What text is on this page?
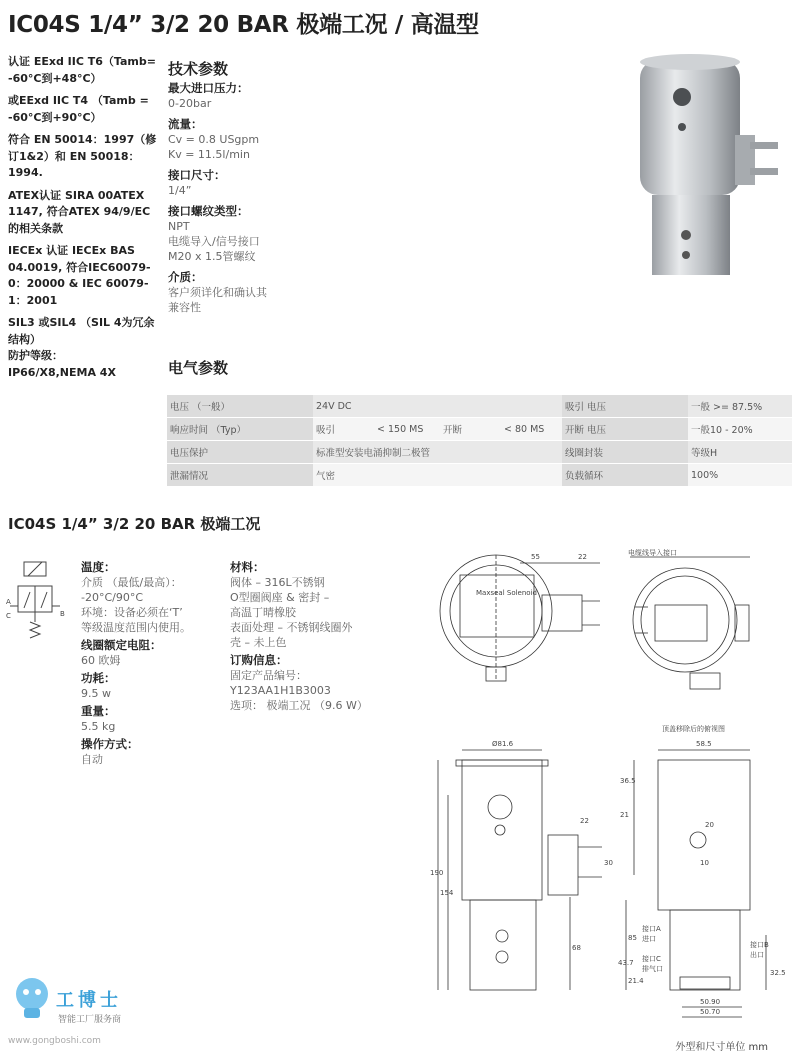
IC04S 1/4” 3/2 20 BAR 极端工况 / 高温型

认证 EExd IIC T6（Tamb= -60°C到+48°C）

或EExd IIC T4 （Tamb = -60°C到+90°C）

符合 EN 50014：1997（修订1&2）和 EN 50018：1994.

ATEX认证 SIRA 00ATEX 1147, 符合ATEX 94/9/EC的相关条款

IECEx 认证 IECEx BAS 04.0019, 符合IEC60079-0：20000 & IEC 60079-1：2001

SIL3 或SIL4 （SIL 4为冗余结构）

防护等级：

IP66/X8,NEMA 4X

技术参数
最大进口压力：
0-20bar
流量：
Cv = 0.8 USgpm
Kv = 11.5l/min
接口尺寸：
1/4”
接口螺纹类型：
NPT
电缆导入/信号接口
M20 x 1.5管螺纹
介质：
客户须详化和确认其
兼容性
电气参数
电压 （一般）	24V DC				吸引 电压	一般 >= 87.5%
响应时间 （Typ）	吸引	< 150 MS	开断	< 80 MS	开断 电压	一般10 - 20%
电压保护	标准型安装电涌抑制二极管				线圈封装	等级H
泄漏情况	气密				负载循环	100%
IC04S 1/4” 3/2 20 BAR 极端工况
A
B
C
温度：
介质 （最低/最高）：
-20°C/90°C
环境：设备必须在‘T’
等级温度范围内使用。
线圈额定电阻：
60 欧姆
功耗：
9.5 w
重量：
5.5 kg
操作方式：
自动
材料：
阀体 – 316L不锈钢
O型圈阀座 & 密封 –
高温丁晴橡胶
表面处理 – 不锈钢线圈外
壳 – 未上色
订购信息：
固定产品编号：
Y123AA1H1B3003
选项： 极端工况 （9.6 W）
55	22
Ø81.6
22
30
190
154
68
58.5
36.5
21
20
10
85
43.7
21.4
32.5
50.90
50.70
电缆线导入接口
顶盖移除后的俯视图
Maxseal Solenoid
接口A
进口
接口B
出口
接口C
排气口
工博士
智能工厂服务商
www.gongboshi.com
外型和尺寸单位 mm
